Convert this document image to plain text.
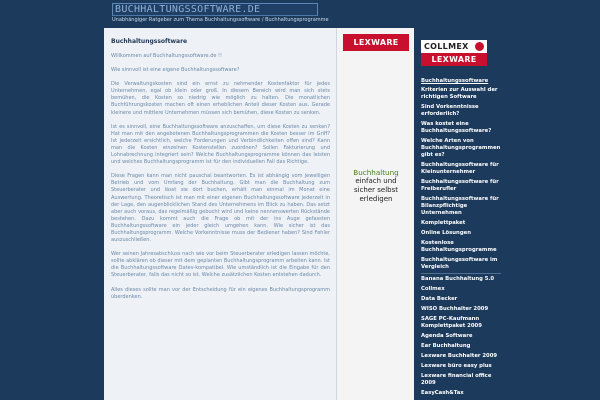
BUCHHALTUNGSSOFTWARE.DE
Unabhängiger Ratgeber zum Thema Buchhaltungssoftware / Buchhaltungsprogramme
Buchhaltungssoftware

Willkommen auf Buchhaltungssoftware.de !!

Wie sinnvoll ist eine eigene Buchhaltungssoftware?

Die Verwaltungskosten sind ein ernst zu nehmender Kostenfaktor für jedes Unternehmen, egal ob klein oder groß. In diesem Bereich wird man sich stets bemühen, die Kosten so niedrig wie möglich zu halten. Die monatlichen Buchführungskosten machen oft einen erheblichen Anteil dieser Kosten aus. Gerade kleinere und mittlere Unternehmen müssen sich bemühen, diese Kosten zu senken.

Ist es sinnvoll, eine Buchhaltungssoftware anzuschaffen, um diese Kosten zu senken? Hat man mit den angebotenen Buchhaltungsprogrammen die Kosten besser im Griff? Ist jederzeit ersichtlich, welche Forderungen und Verbindlichkeiten offen sind? Kann man die Kosten einzelnen Kostenstellen zuordnen? Sollen Fakturierung und Lohnabrechnung integriert sein? Welche Buchhaltungsprogramme können das leisten und welches Buchhaltungsprogramm ist für den individuellen Fall das Richtige.

Diese Fragen kann man nicht pauschal beantworten. Es ist abhängig vom jeweiligen Betrieb und vom Umfang der Buchhaltung. Gibt man die Buchhaltung zum Steuerberater und lässt sie dort buchen, erhält man einmal im Monat eine Auswertung. Theoretisch ist man mit einer eigenen Buchhaltungssoftware jederzeit in der Lage, den augenblicklichen Stand des Unternehmens im Blick zu haben. Das setzt aber auch voraus, das regelmäßig gebucht wird und keine nennenswerten Rückstände bestehen. Dazu kommt auch die Frage ob mit der ins Auge gefassten Buchhaltungssoftware ein jeder gleich umgehen kann. Wie sicher ist das Buchhaltungsprogramm. Welche Vorkenntnisse muss der Bediener haben? Sind Fehler auszuschließen.

Wer seinen Jahresabschluss nach wie vor beim Steuerberater erledigen lassen möchte, sollte abklären ob dieser mit dem geplanten Buchhaltungsprogramm arbeiten kann. Ist die Buchhaltungssoftware Datev-kompatibel. Wie umständlich ist die Eingabe für den Steuerberater, falls das nicht so ist. Welche zusätzlichen Kosten entstehen dadurch.

Alles dieses sollte man vor der Entscheidung für ein eigenes Buchhaltungsprogramm überdenken.

LEXWARE
Buchhaltung
einfach und
sicher selbst
erledigen
COLLMEX
LEXWARE
Buchhaltungssoftware
Kriterien zur Auswahl der richtigen Software
Sind Vorkenntnisse erforderlich?
Was kostet eine Buchhaltungssoftware?
Welche Arten von Buchhaltungsprogrammen gibt es?
Buchhaltungssoftware für Kleinunternehmer
Buchhaltungssoftware für Freiberufler
Buchhaltungssoftware für Bilanzpflichtige Unternehmen
Komplettpaket
Online Lösungen
Kostenlose Buchhaltungsprogramme
Buchhaltungssoftware im Vergleich
Banana Buchhaltung 5.0
Collmex
Data Becker
WISO Buchhalter 2009
SAGE PC-Kaufmann Komplettpaket 2009
Agenda Software
Ear Buchhaltung
Lexware Buchhalter 2009
Lexware büro easy plus
Lexware financial office 2009
EasyCash&Tax
